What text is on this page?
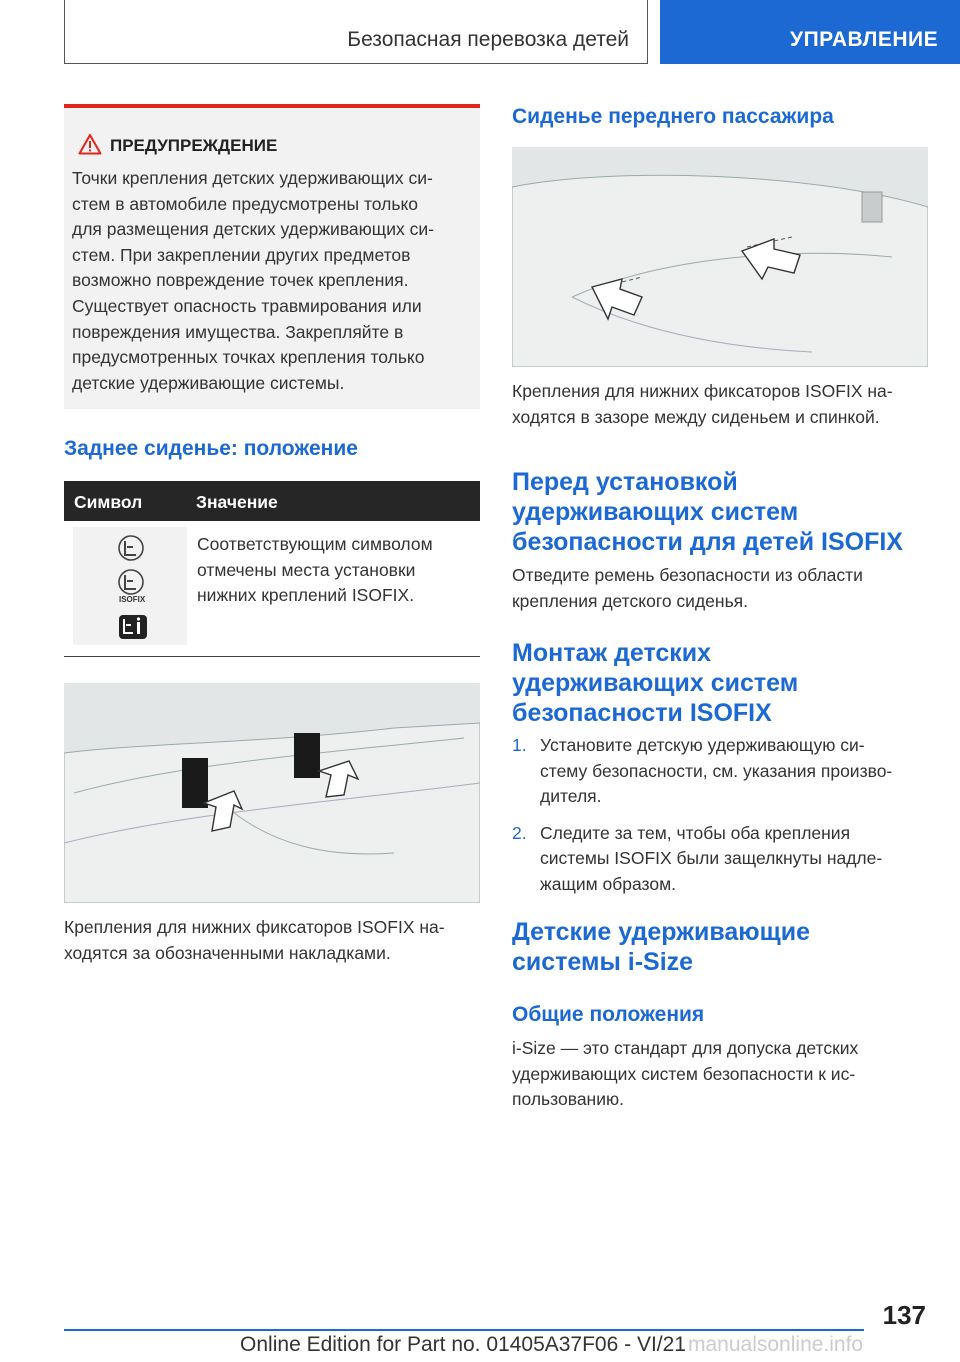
Безопасная перевозка детей	УПРАВЛЕНИЕ
ПРЕДУПРЕЖДЕНИЕ
Точки крепления детских удерживающих си-
стем в автомобиле предусмотрены только
для размещения детских удерживающих си-
стем. При закреплении других предметов
возможно повреждение точек крепления.
Существует опасность травмирования или
повреждения имущества. Закрепляйте в
предусмотренных точках крепления только
детские удерживающие системы.
Заднее сиденье: положение
Символ	Значение
ISOFIX
Соответствующим символом
отмечены места установки
нижних креплений ISOFIX.
Крепления для нижних фиксаторов ISOFIX на-
ходятся за обозначенными накладками.
Сиденье переднего пассажира
Крепления для нижних фиксаторов ISOFIX на-
ходятся в зазоре между сиденьем и спинкой.
Перед установкой
удерживающих систем
безопасности для детей ISOFIX
Отведите ремень безопасности из области
крепления детского сиденья.
Монтаж детских
удерживающих систем
безопасности ISOFIX
1. Установите детскую удерживающую си-
стему безопасности, см. указания произво-
дителя.
2. Следите за тем, чтобы оба крепления
системы ISOFIX были защелкнуты надле-
жащим образом.
Детские удерживающие
системы i-Size
Общие положения
i-Size — это стандарт для допуска детских
удерживающих систем безопасности к ис-
пользованию.
137
Online Edition for Part no. 01405A37F06 - VI/21 manualsonline.info
